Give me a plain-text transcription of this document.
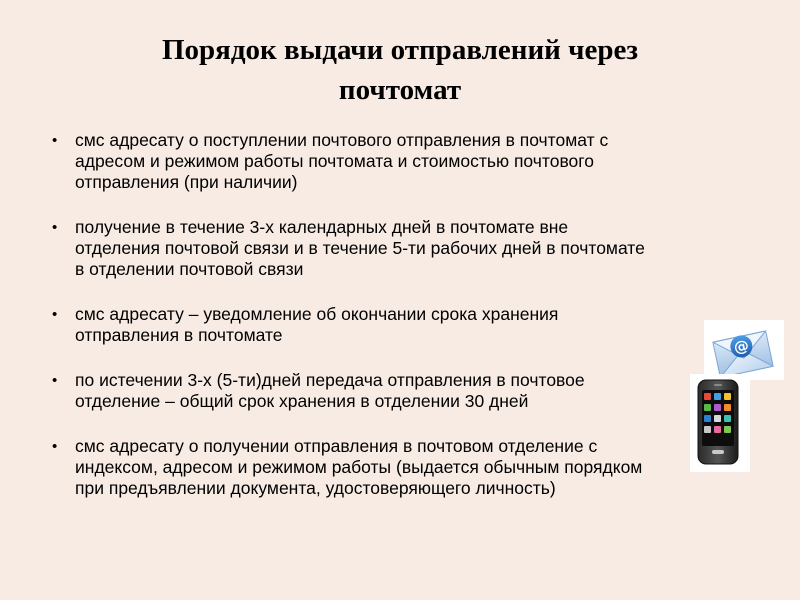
Порядок выдачи отправлений через
почтомат
• смс адресату о поступлении почтового отправления в почтомат с
адресом и режимом работы почтомата и стоимостью почтового
отправления (при наличии)
• получение в течение 3-х календарных дней в почтомате вне
отделения почтовой связи и в течение 5-ти рабочих дней в почтомате
в отделении почтовой связи
• смс адресату – уведомление об окончании срока хранения
отправления в почтомате
• по истечении 3-х (5-ти)дней передача отправления в почтовое
отделение – общий срок хранения в отделении 30 дней
• смс адресату о получении отправления в почтовом отделение с
индексом, адресом и режимом работы (выдается обычным порядком
при предъявлении документа, удостоверяющего личность)
@
